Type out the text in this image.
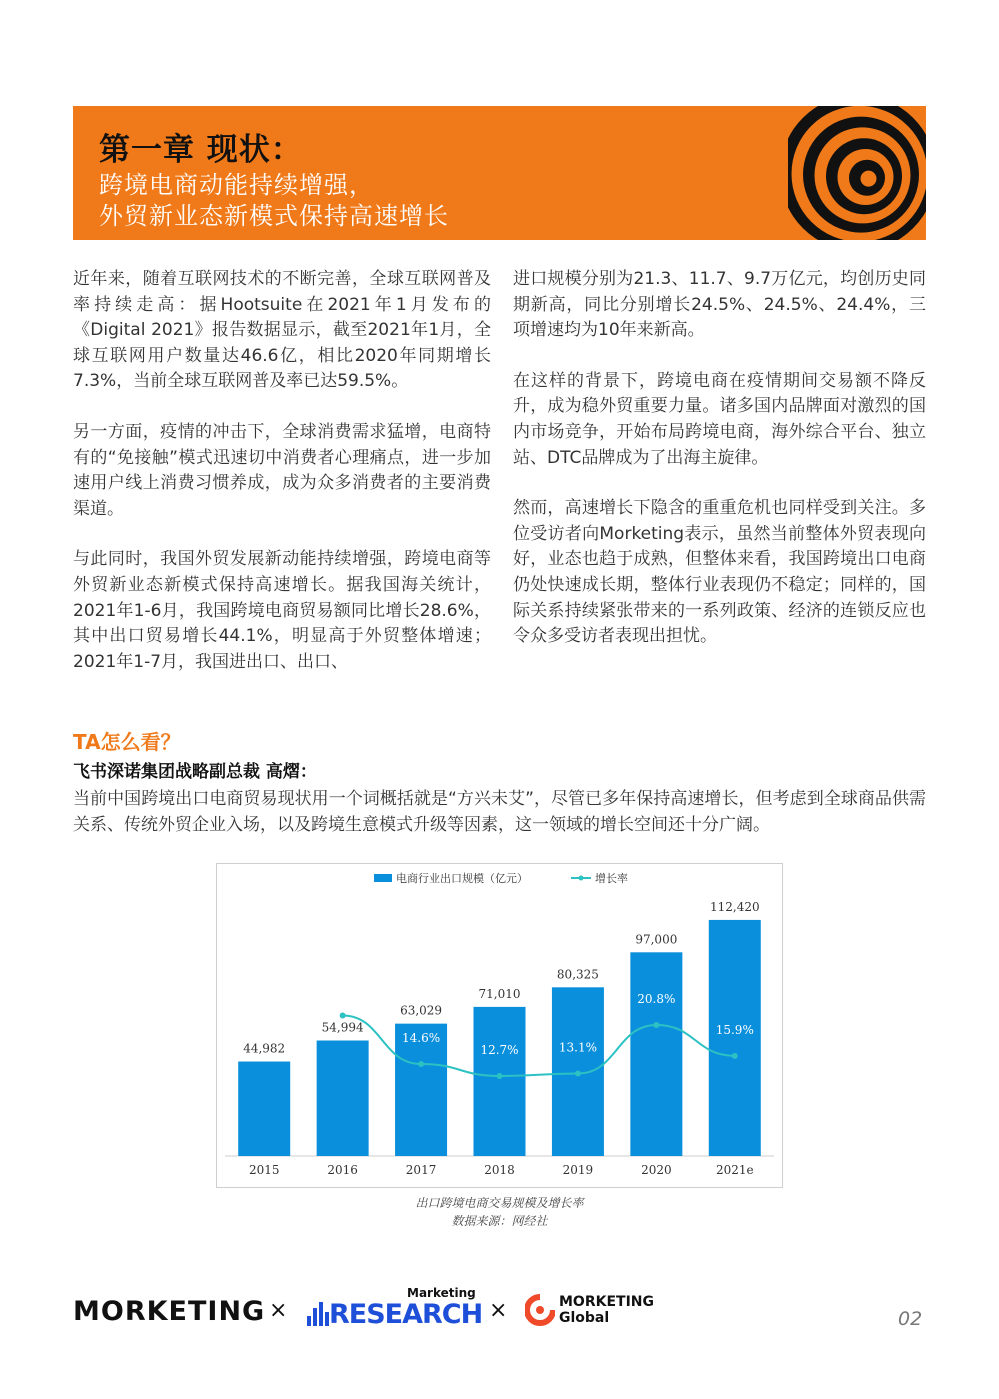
第一章 现状：
跨境电商动能持续增强，
外贸新业态新模式保持高速增长

近年来，随着互联网技术的不断完善，全球互联网普及率持续走高：据Hootsuite在2021年1月发布的《Digital 2021》报告数据显示，截至2021年1月，全球互联网用户数量达46.6亿，相比2020年同期增长7.3%，当前全球互联网普及率已达59.5%。

另一方面，疫情的冲击下，全球消费需求猛增，电商特有的“免接触”模式迅速切中消费者心理痛点，进一步加速用户线上消费习惯养成，成为众多消费者的主要消费渠道。

与此同时，我国外贸发展新动能持续增强，跨境电商等外贸新业态新模式保持高速增长。据我国海关统计，2021年1-6月，我国跨境电商贸易额同比增长28.6%，其中出口贸易增长44.1%，明显高于外贸整体增速；2021年1-7月，我国进出口、出口、

进口规模分别为21.3、11.7、9.7万亿元，均创历史同期新高，同比分别增长24.5%、24.5%、24.4%，三项增速均为10年来新高。

在这样的背景下，跨境电商在疫情期间交易额不降反升，成为稳外贸重要力量。诸多国内品牌面对激烈的国内市场竞争，开始布局跨境电商，海外综合平台、独立站、DTC品牌成为了出海主旋律。

然而，高速增长下隐含的重重危机也同样受到关注。多位受访者向Morketing表示，虽然当前整体外贸表现向好，业态也趋于成熟，但整体来看，我国跨境出口电商仍处快速成长期，整体行业表现仍不稳定；同样的，国际关系持续紧张带来的一系列政策、经济的连锁反应也令众多受访者表现出担忧。

TA怎么看？
飞书深诺集团战略副总裁 高熠：
当前中国跨境出口电商贸易现状用一个词概括就是“方兴未艾”，尽管已多年保持高速增长，但考虑到全球商品供需关系、传统外贸企业入场，以及跨境生意模式升级等因素，这一领域的增长空间还十分广阔。
电商行业出口规模（亿元）	增长率
44,982
2015
54,994
2016
63,029
2017
71,010
2018
80,325
2019
97,000
2020
112,420
2021e
22.3%
14.6%
12.7%	13.1%
20.8%
15.9%
出口跨境电商交易规模及增长率
数据来源：网经社
MORKETING ×
Marketing
RESEARCH ×	MORKETING
Global	02
